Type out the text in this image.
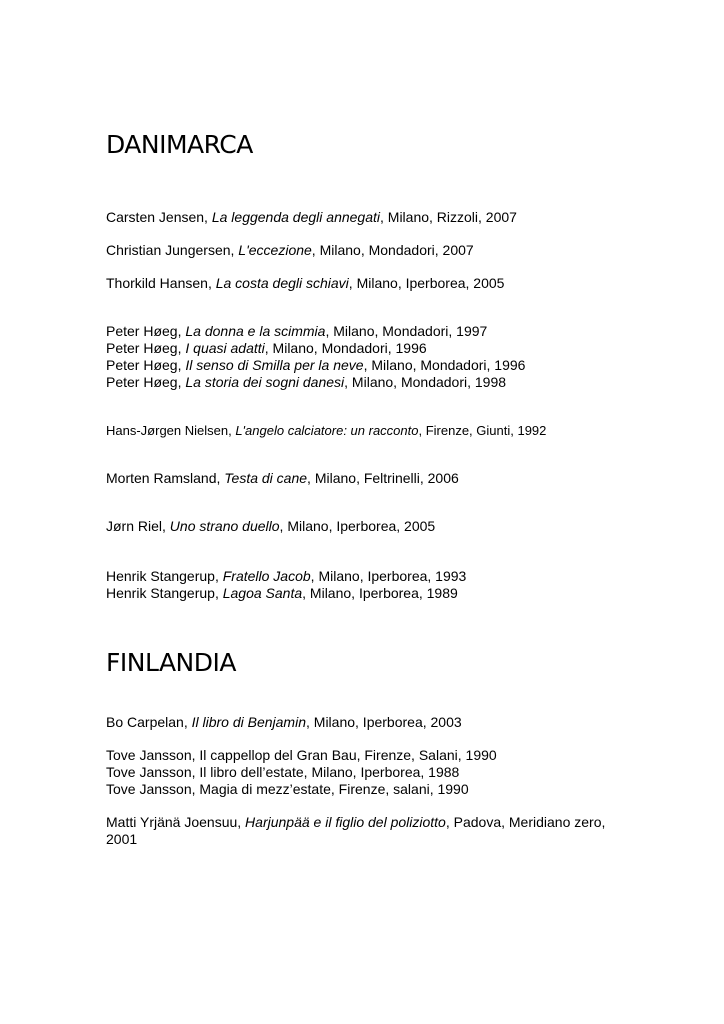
DANIMARCA

Carsten Jensen, La leggenda degli annegati, Milano, Rizzoli, 2007

Christian Jungersen, L'eccezione, Milano, Mondadori, 2007

Thorkild Hansen, La costa degli schiavi, Milano, Iperborea, 2005

Peter Høeg, La donna e la scimmia, Milano, Mondadori, 1997

Peter Høeg, I quasi adatti, Milano, Mondadori, 1996

Peter Høeg, Il senso di Smilla per la neve, Milano, Mondadori, 1996

Peter Høeg, La storia dei sogni danesi, Milano, Mondadori, 1998

Hans-Jørgen Nielsen, L'angelo calciatore: un racconto, Firenze, Giunti, 1992

Morten Ramsland, Testa di cane, Milano, Feltrinelli, 2006

Jørn Riel, Uno strano duello, Milano, Iperborea, 2005

Henrik Stangerup, Fratello Jacob, Milano, Iperborea, 1993

Henrik Stangerup, Lagoa Santa, Milano, Iperborea, 1989

FINLANDIA

Bo Carpelan, Il libro di Benjamin, Milano, Iperborea, 2003

Tove Jansson, Il cappellop del Gran Bau, Firenze, Salani, 1990

Tove Jansson, Il libro dell’estate, Milano, Iperborea, 1988

Tove Jansson, Magia di mezz’estate, Firenze, salani, 1990

Matti Yrjänä Joensuu, Harjunpää e il figlio del poliziotto, Padova, Meridiano zero, 2001
